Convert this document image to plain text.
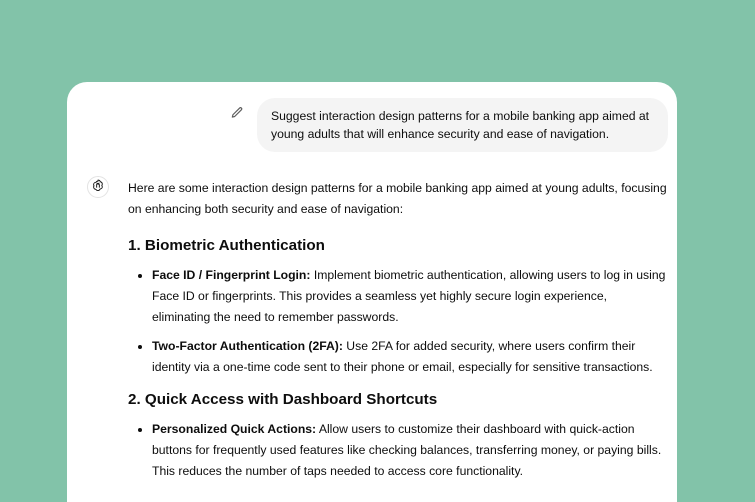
Suggest interaction design patterns for a mobile banking app aimed at young adults that will enhance security and ease of navigation.

Here are some interaction design patterns for a mobile banking app aimed at young adults, focusing on enhancing both security and ease of navigation:

1. Biometric Authentication
• Face ID / Fingerprint Login: Implement biometric authentication, allowing users to log in using Face ID or fingerprints. This provides a seamless yet highly secure login experience, eliminating the need to remember passwords.
• Two-Factor Authentication (2FA): Use 2FA for added security, where users confirm their identity via a one-time code sent to their phone or email, especially for sensitive transactions.
2. Quick Access with Dashboard Shortcuts
• Personalized Quick Actions: Allow users to customize their dashboard with quick-action buttons for frequently used features like checking balances, transferring money, or paying bills. This reduces the number of taps needed to access core functionality.
